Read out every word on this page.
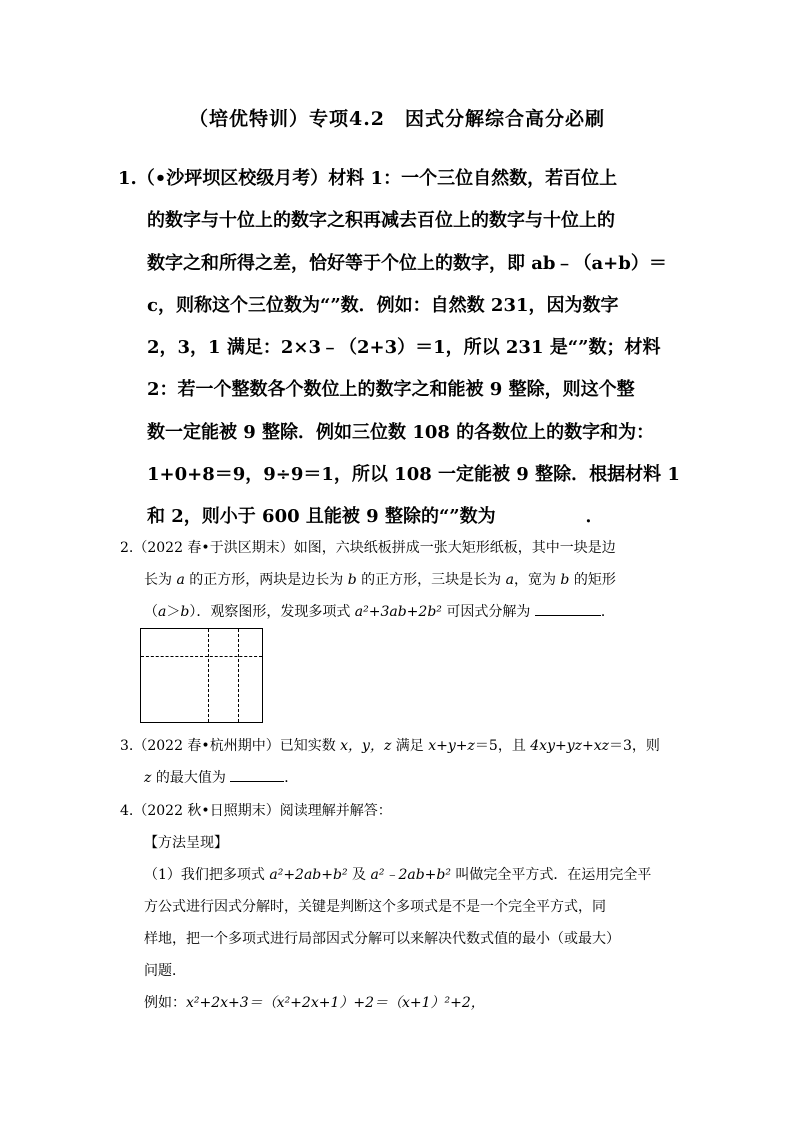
（培优特训）专项4.2　因式分解综合高分必刷
1.（•沙坪坝区校级月考）材料 1：一个三位自然数，若百位上
的数字与十位上的数字之积再减去百位上的数字与十位上的
数字之和所得之差，恰好等于个位上的数字，即 ab﹣（a+b）＝
c，则称这个三位数为“”数．例如：自然数 231，因为数字
2，3，1 满足：2×3﹣（2+3）＝1，所以 231 是“”数；材料
2：若一个整数各个数位上的数字之和能被 9 整除，则这个整
数一定能被 9 整除．例如三位数 108 的各数位上的数字和为：
1+0+8＝9，9÷9＝1，所以 108 一定能被 9 整除．根据材料 1
和 2，则小于 600 且能被 9 整除的“”数为　　　　　．
2.（2022 春•于洪区期末）如图，六块纸板拼成一张大矩形纸板，其中一块是边
长为 a 的正方形，两块是边长为 b 的正方形，三块是长为 a，宽为 b 的矩形
（a＞b）．观察图形，发现多项式 a²+3ab+2b² 可因式分解为	．
3.（2022 春•杭州期中）已知实数 x，y，z 满足 x+y+z＝5，且 4xy+yz+xz＝3，则
z 的最大值为	．
4.（2022 秋•日照期末）阅读理解并解答：
【方法呈现】
（1）我们把多项式 a²+2ab+b² 及 a²﹣2ab+b² 叫做完全平方式．在运用完全平
方公式进行因式分解时，关键是判断这个多项式是不是一个完全平方式，同
样地，把一个多项式进行局部因式分解可以来解决代数式值的最小（或最大）
问题．
例如：x²+2x+3＝（x²+2x+1）+2＝（x+1）²+2，
